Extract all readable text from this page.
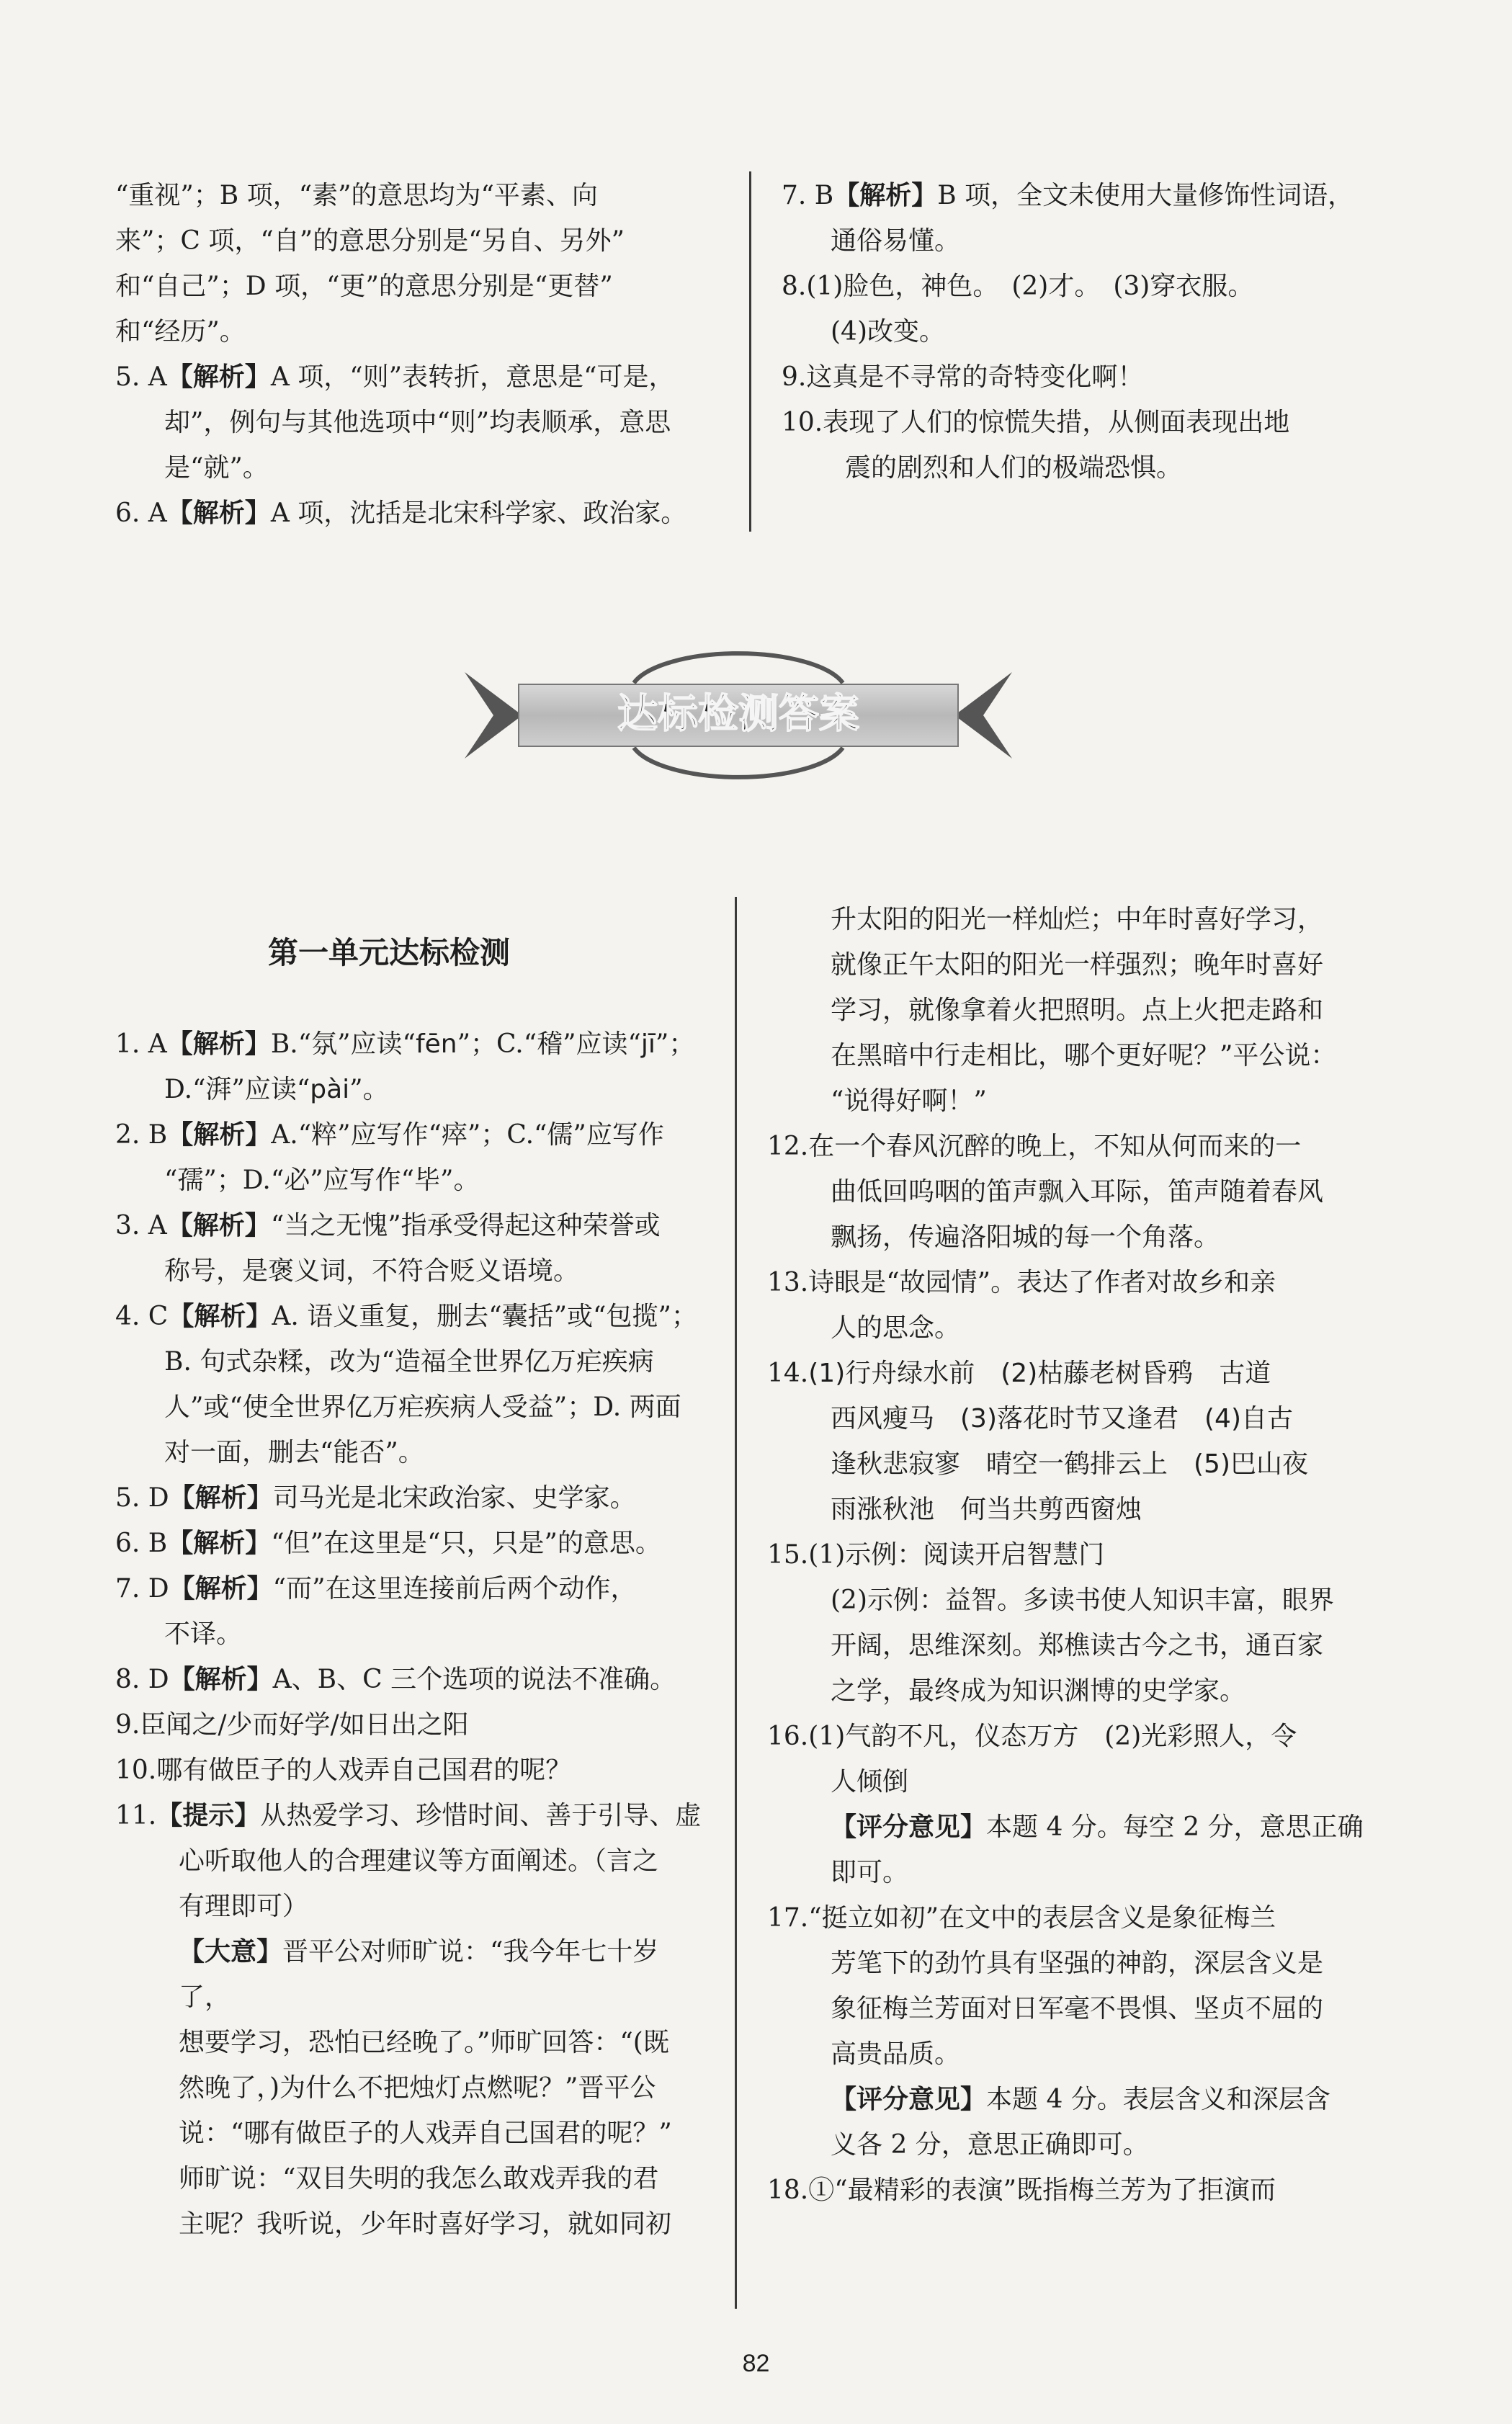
“重视”；B 项，“素”的意思均为“平素、向

来”；C 项，“自”的意思分别是“另自、另外”

和“自己”；D 项，“更”的意思分别是“更替”

和“经历”。

5. A【解析】A 项，“则”表转折，意思是“可是，
却”，例句与其他选项中“则”均表顺承，意思
是“就”。

6. A【解析】A 项，沈括是北宋科学家、政治家。

7. B【解析】B 项，全文未使用大量修饰性词语，
通俗易懂。

8.(1)脸色，神色。　(2)才。　(3)穿衣服。
(4)改变。

9.这真是不寻常的奇特变化啊！

10.表现了人们的惊慌失措，从侧面表现出地
震的剧烈和人们的极端恐惧。

达标检测答案
第一单元达标检测

1. A【解析】B.“氛”应读“fēn”；C.“稽”应读“jī”；
D.“湃”应读“pài”。

2. B【解析】A.“粹”应写作“瘁”；C.“儒”应写作
“孺”；D.“必”应写作“毕”。

3. A【解析】“当之无愧”指承受得起这种荣誉或
称号，是褒义词，不符合贬义语境。

4. C【解析】A. 语义重复，删去“囊括”或“包揽”；
B. 句式杂糅，改为“造福全世界亿万疟疾病
人”或“使全世界亿万疟疾病人受益”；D. 两面
对一面，删去“能否”。

5. D【解析】司马光是北宋政治家、史学家。

6. B【解析】“但”在这里是“只，只是”的意思。

7. D【解析】“而”在这里连接前后两个动作，
不译。

8. D【解析】A、B、C 三个选项的说法不准确。

9.臣闻之/少而好学/如日出之阳

10.哪有做臣子的人戏弄自己国君的呢？

11.【提示】从热爱学习、珍惜时间、善于引导、虚
心听取他人的合理建议等方面阐述。（言之
有理即可）

【大意】晋平公对师旷说：“我今年七十岁了，
想要学习，恐怕已经晚了。”师旷回答：“(既
然晚了，)为什么不把烛灯点燃呢？”晋平公
说：“哪有做臣子的人戏弄自己国君的呢？”
师旷说：“双目失明的我怎么敢戏弄我的君
主呢？我听说，少年时喜好学习，就如同初

升太阳的阳光一样灿烂；中年时喜好学习，
就像正午太阳的阳光一样强烈；晚年时喜好
学习，就像拿着火把照明。点上火把走路和
在黑暗中行走相比，哪个更好呢？”平公说：
“说得好啊！”

12.在一个春风沉醉的晚上，不知从何而来的一
曲低回呜咽的笛声飘入耳际，笛声随着春风
飘扬，传遍洛阳城的每一个角落。

13.诗眼是“故园情”。表达了作者对故乡和亲
人的思念。

14.(1)行舟绿水前　(2)枯藤老树昏鸦　古道
西风瘦马　(3)落花时节又逢君　(4)自古
逢秋悲寂寥　晴空一鹤排云上　(5)巴山夜
雨涨秋池　何当共剪西窗烛

15.(1)示例：阅读开启智慧门
(2)示例：益智。多读书使人知识丰富，眼界
开阔，思维深刻。郑樵读古今之书，通百家
之学，最终成为知识渊博的史学家。

16.(1)气韵不凡，仪态万方　(2)光彩照人，令
人倾倒

【评分意见】本题 4 分。每空 2 分，意思正确
即可。

17.“挺立如初”在文中的表层含义是象征梅兰
芳笔下的劲竹具有坚强的神韵，深层含义是
象征梅兰芳面对日军毫不畏惧、坚贞不屈的
高贵品质。

【评分意见】本题 4 分。表层含义和深层含
义各 2 分，意思正确即可。

18.①“最精彩的表演”既指梅兰芳为了拒演而

82
